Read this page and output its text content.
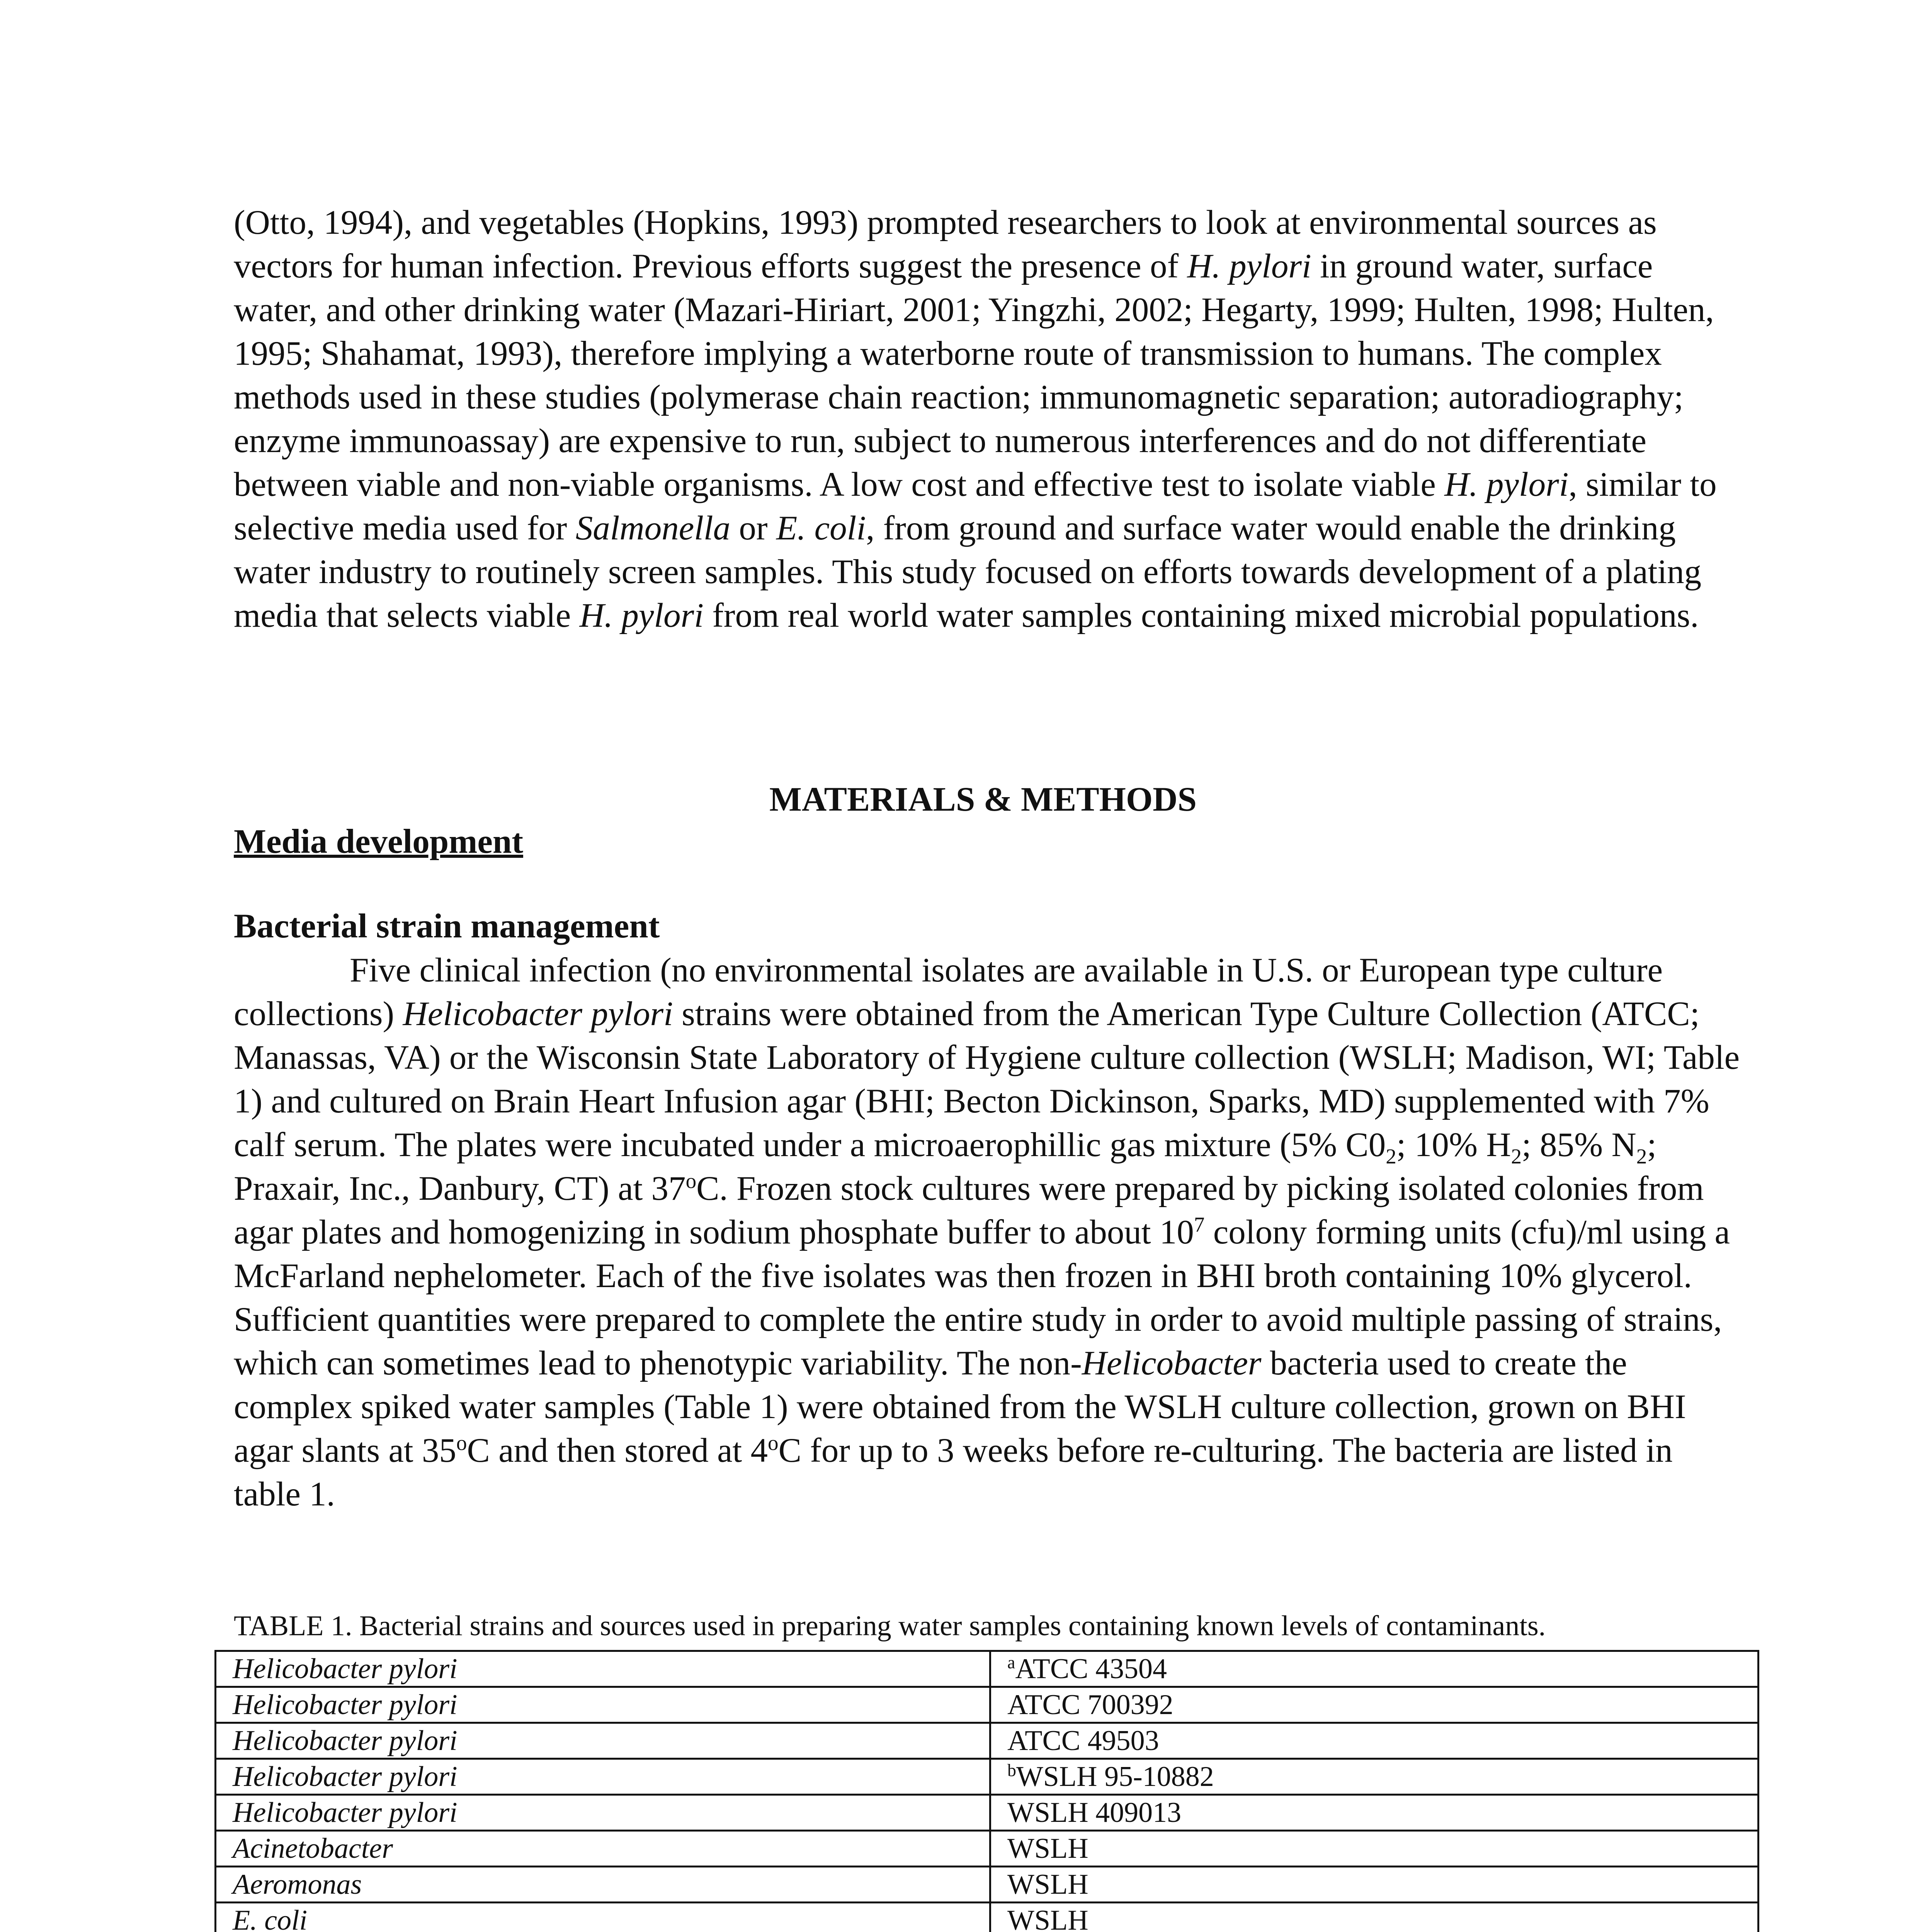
(Otto, 1994), and vegetables (Hopkins, 1993) prompted researchers to look at environmental sources as vectors for human infection. Previous efforts suggest the presence of H. pylori in ground water, surface water, and other drinking water (Mazari-Hiriart, 2001; Yingzhi, 2002; Hegarty, 1999; Hulten, 1998; Hulten, 1995; Shahamat, 1993), therefore implying a waterborne route of transmission to humans. The complex methods used in these studies (polymerase chain reaction; immunomagnetic separation; autoradiography; enzyme immunoassay) are expensive to run, subject to numerous interferences and do not differentiate between viable and non-viable organisms. A low cost and effective test to isolate viable H. pylori, similar to selective media used for Salmonella or E. coli, from ground and surface water would enable the drinking water industry to routinely screen samples. This study focused on efforts towards development of a plating media that selects viable H. pylori from real world water samples containing mixed microbial populations.

MATERIALS & METHODS
Media development
Bacterial strain management

Five clinical infection (no environmental isolates are available in U.S. or European type culture collections) Helicobacter pylori strains were obtained from the American Type Culture Collection (ATCC; Manassas, VA) or the Wisconsin State Laboratory of Hygiene culture collection (WSLH; Madison, WI; Table 1) and cultured on Brain Heart Infusion agar (BHI; Becton Dickinson, Sparks, MD) supplemented with 7% calf serum. The plates were incubated under a microaerophillic gas mixture (5% $C0_2$; 10% $H_2$; 85% $N_2$; Praxair, Inc., Danbury, CT) at 37$^o$C. Frozen stock cultures were prepared by picking isolated colonies from agar plates and homogenizing in sodium phosphate buffer to about $10^7$ colony forming units (cfu)/ml using a McFarland nephelometer. Each of the five isolates was then frozen in BHI broth containing 10% glycerol. Sufficient quantities were prepared to complete the entire study in order to avoid multiple passing of strains, which can sometimes lead to phenotypic variability. The non-Helicobacter bacteria used to create the complex spiked water samples (Table 1) were obtained from the WSLH culture collection, grown on BHI agar slants at 35$^o$C and then stored at 4$^o$C for up to 3 weeks before re-culturing. The bacteria are listed in table 1.

TABLE 1. Bacterial strains and sources used in preparing water samples containing known levels of contaminants.

Helicobacter pylori	$^a$ATCC 43504
Helicobacter pylori	ATCC 700392
Helicobacter pylori	ATCC 49503
Helicobacter pylori	$^b$WSLH 95-10882
Helicobacter pylori	WSLH 409013
Acinetobacter	WSLH
Aeromonas	WSLH
E. coli	WSLH
